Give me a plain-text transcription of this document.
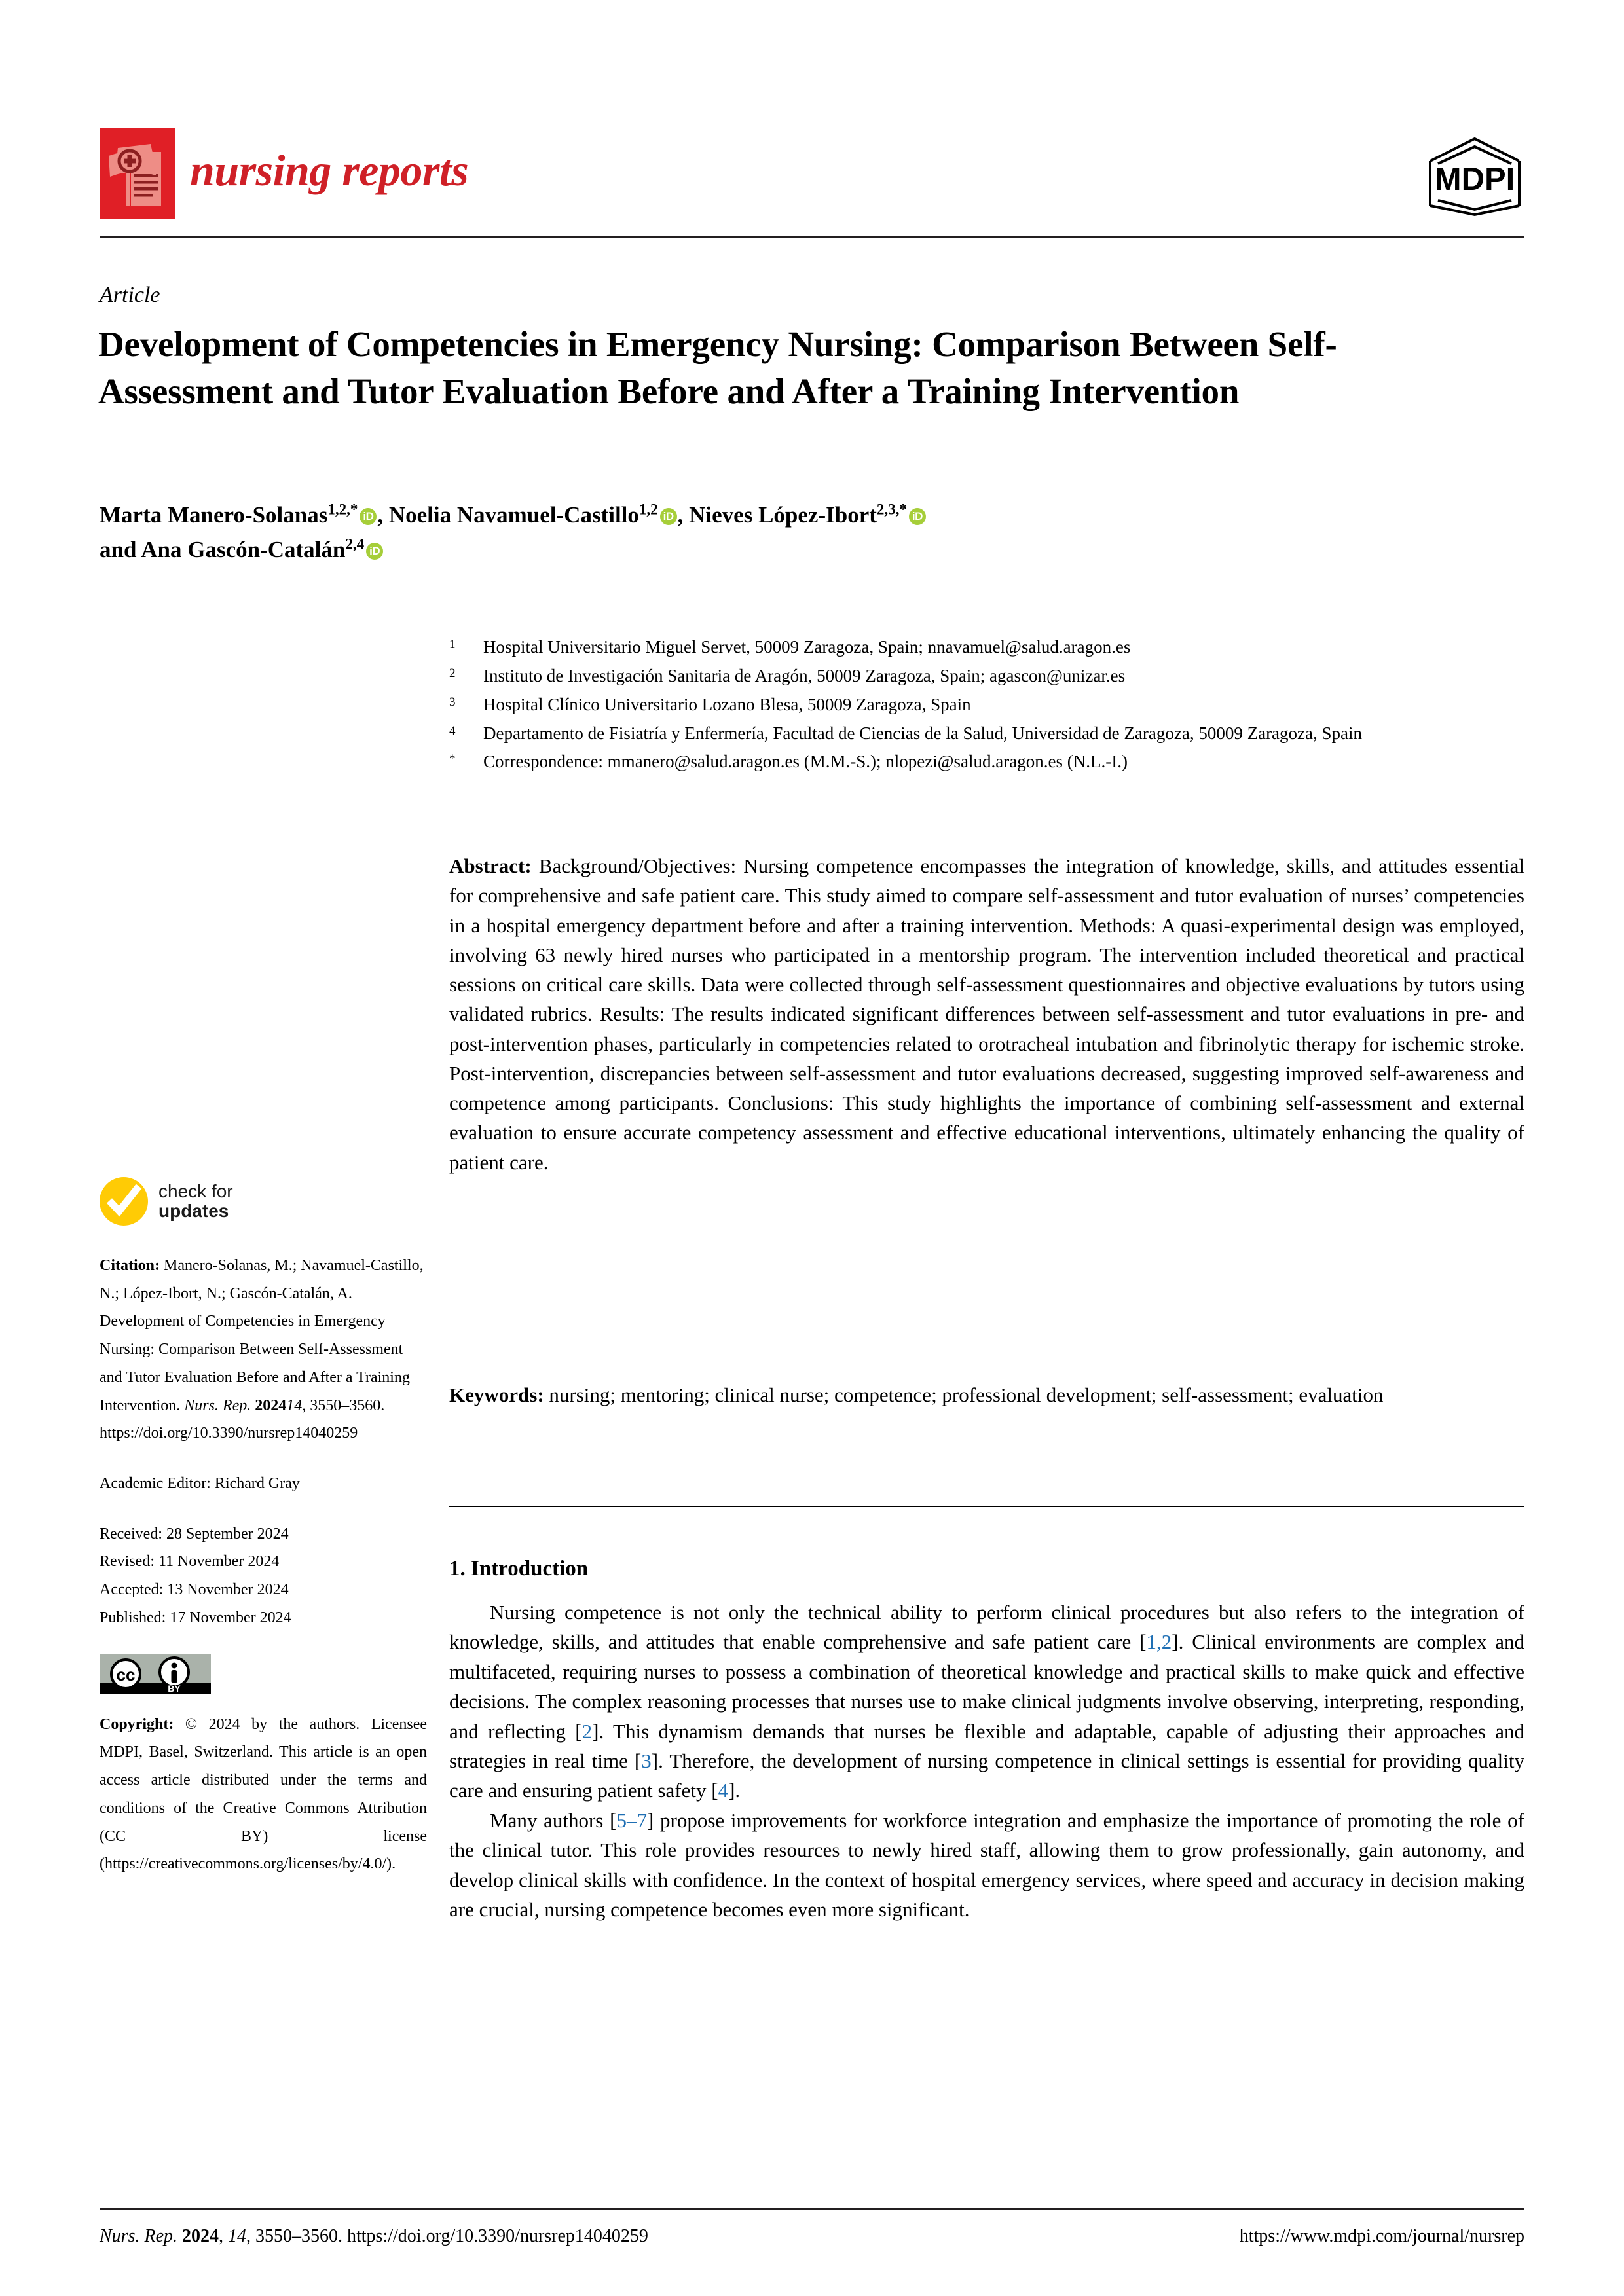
nursing reports	MDPI
Article
Development of Competencies in Emergency Nursing: Comparison Between Self-Assessment and Tutor Evaluation Before and After a Training Intervention
Marta Manero-Solanas$^{1,2,*}$ iD , Noelia Navamuel-Castillo$^{1,2}$ iD , Nieves López-Ibort$^{2,3,*}$ iD
and Ana Gascón-Catalán$^{2,4}$ iD
1	Hospital Universitario Miguel Servet, 50009 Zaragoza, Spain; nnavamuel@salud.aragon.es
2	Instituto de Investigación Sanitaria de Aragón, 50009 Zaragoza, Spain; agascon@unizar.es
3	Hospital Clínico Universitario Lozano Blesa, 50009 Zaragoza, Spain
4	Departamento de Fisiatría y Enfermería, Facultad de Ciencias de la Salud, Universidad de Zaragoza, 50009 Zaragoza, Spain
*	Correspondence: mmanero@salud.aragon.es (M.M.-S.); nlopezi@salud.aragon.es (N.L.-I.)
Abstract: Background/Objectives: Nursing competence encompasses the integration of knowledge, skills, and attitudes essential for comprehensive and safe patient care. This study aimed to compare self-assessment and tutor evaluation of nurses’ competencies in a hospital emergency department before and after a training intervention. Methods: A quasi-experimental design was employed, involving 63 newly hired nurses who participated in a mentorship program. The intervention included theoretical and practical sessions on critical care skills. Data were collected through self-assessment questionnaires and objective evaluations by tutors using validated rubrics. Results: The results indicated significant differences between self-assessment and tutor evaluations in pre- and post-intervention phases, particularly in competencies related to orotracheal intubation and fibrinolytic therapy for ischemic stroke. Post-intervention, discrepancies between self-assessment and tutor evaluations decreased, suggesting improved self-awareness and competence among participants. Conclusions: This study highlights the importance of combining self-assessment and external evaluation to ensure accurate competency assessment and effective educational interventions, ultimately enhancing the quality of patient care.
Keywords: nursing; mentoring; clinical nurse; competence; professional development; self-assessment; evaluation
1. Introduction

Nursing competence is not only the technical ability to perform clinical procedures but also refers to the integration of knowledge, skills, and attitudes that enable comprehensive and safe patient care [1,2]. Clinical environments are complex and multifaceted, requiring nurses to possess a combination of theoretical knowledge and practical skills to make quick and effective decisions. The complex reasoning processes that nurses use to make clinical judgments involve observing, interpreting, responding, and reflecting [2]. This dynamism demands that nurses be flexible and adaptable, capable of adjusting their approaches and strategies in real time [3]. Therefore, the development of nursing competence in clinical settings is essential for providing quality care and ensuring patient safety [4].

Many authors [5–7] propose improvements for workforce integration and emphasize the importance of promoting the role of the clinical tutor. This role provides resources to newly hired staff, allowing them to grow professionally, gain autonomy, and develop clinical skills with confidence. In the context of hospital emergency services, where speed and accuracy in decision making are crucial, nursing competence becomes even more significant.

check for
updates
Citation: Manero-Solanas, M.; Navamuel-Castillo, N.; López-Ibort, N.; Gascón-Catalán, A. Development of Competencies in Emergency Nursing: Comparison Between Self-Assessment and Tutor Evaluation Before and After a Training Intervention. Nurs. Rep. 202414, 3550–3560. https://doi.org/10.3390/nursrep14040259
Academic Editor: Richard Gray
Received: 28 September 2024
Revised: 11 November 2024
Accepted: 13 November 2024
Published: 17 November 2024
cc
BY
Copyright: © 2024 by the authors. Licensee MDPI, Basel, Switzerland. This article is an open access article distributed under the terms and conditions of the Creative Commons Attribution (CC BY) license (https://creativecommons.org/licenses/by/4.0/).
Nurs. Rep. 2024, 14, 3550–3560. https://doi.org/10.3390/nursrep14040259	https://www.mdpi.com/journal/nursrep
